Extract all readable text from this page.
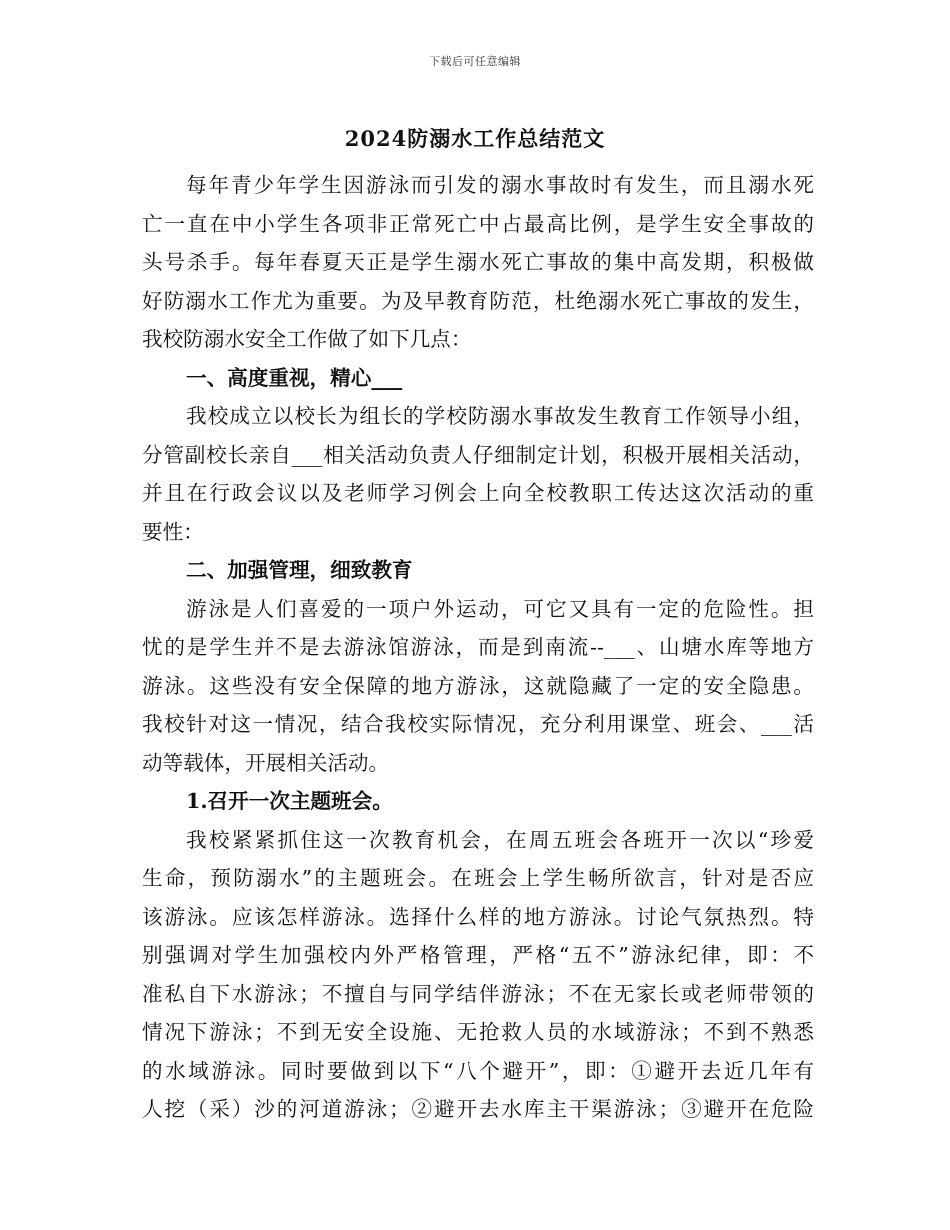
下载后可任意编辑
2024防溺水工作总结范文
每年青少年学生因游泳而引发的溺水事故时有发生，而且溺水死
亡一直在中小学生各项非正常死亡中占最高比例，是学生安全事故的
头号杀手。每年春夏天正是学生溺水死亡事故的集中高发期，积极做
好防溺水工作尤为重要。为及早教育防范，杜绝溺水死亡事故的发生，
我校防溺水安全工作做了如下几点：
一、高度重视，精心___
我校成立以校长为组长的学校防溺水事故发生教育工作领导小组，
分管副校长亲自___相关活动负责人仔细制定计划，积极开展相关活动，
并且在行政会议以及老师学习例会上向全校教职工传达这次活动的重
要性：
二、加强管理，细致教育
游泳是人们喜爱的一项户外运动，可它又具有一定的危险性。担
忧的是学生并不是去游泳馆游泳，而是到南流--___、山塘水库等地方
游泳。这些没有安全保障的地方游泳，这就隐藏了一定的安全隐患。
我校针对这一情况，结合我校实际情况，充分利用课堂、班会、___活
动等载体，开展相关活动。
1.召开一次主题班会。
我校紧紧抓住这一次教育机会，在周五班会各班开一次以“珍爱
生命，预防溺水”的主题班会。在班会上学生畅所欲言，针对是否应
该游泳。应该怎样游泳。选择什么样的地方游泳。讨论气氛热烈。特
别强调对学生加强校内外严格管理，严格“五不”游泳纪律，即：不
准私自下水游泳；不擅自与同学结伴游泳；不在无家长或老师带领的
情况下游泳；不到无安全设施、无抢救人员的水域游泳；不到不熟悉
的水域游泳。同时要做到以下“八个避开”，即：①避开去近几年有
人挖（采）沙的河道游泳；②避开去水库主干渠游泳；③避开在危险
